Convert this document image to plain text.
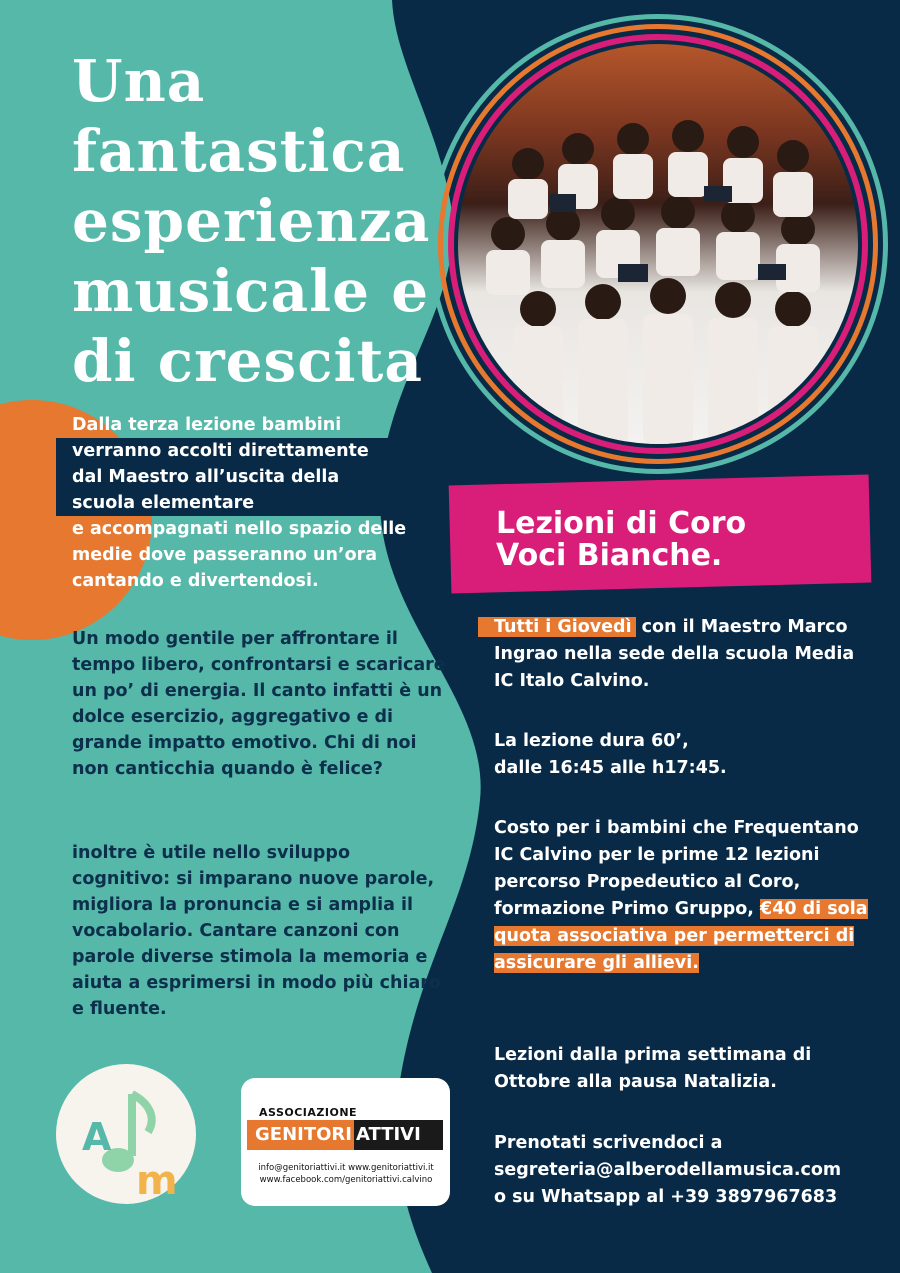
Una fantastica esperienza musicale e di crescita
Dalla terza lezione bambini
verranno accolti direttamente dal Maestro all’uscita della scuola elementare
e accompagnati nello spazio delle medie dove passeranno un’ora cantando e divertendosi.

Un modo gentile per affrontare il tempo libero, confrontarsi e scaricare un po’ di energia. Il canto infatti è un dolce esercizio, aggregativo e di grande impatto emotivo. Chi di noi non canticchia quando è felice?

inoltre è utile nello sviluppo cognitivo: si imparano nuove parole, migliora la pronuncia e si amplia il vocabolario. Cantare canzoni con parole diverse stimola la memoria e aiuta a esprimersi in modo più chiaro e fluente.

Lezioni di Coro
Voci Bianche.

Tutti i Giovedì con il Maestro Marco Ingrao nella sede della scuola Media IC Italo Calvino.

La lezione dura 60’,
dalle 16:45 alle h17:45.

Costo per i bambini che Frequentano IC Calvino per le prime 12 lezioni percorso Propedeutico al Coro, formazione Primo Gruppo, €40 di sola quota associativa per permetterci di assicurare gli allievi.

Lezioni dalla prima settimana di Ottobre alla pausa Natalizia.

Prenotati scrivendoci a
segreteria@alberodellamusica.com
o su Whatsapp al +39 3897967683

A
m
ASSOCIAZIONE
GENITORI ATTIVI
info@genitoriattivi.it www.genitoriattivi.it
www.facebook.com/genitoriattivi.calvino
